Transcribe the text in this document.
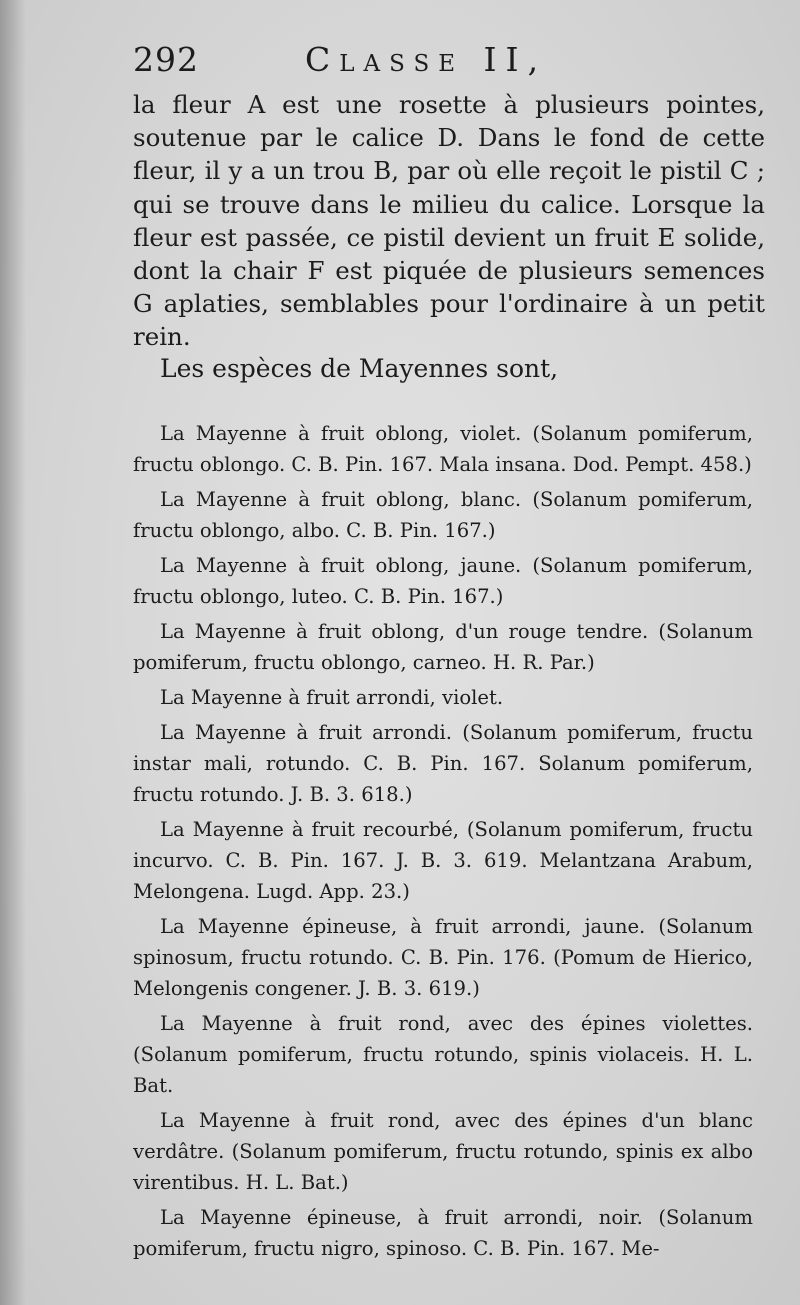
292	Classe II,

la fleur A est une rosette à plusieurs pointes, soutenue par le calice D. Dans le fond de cette fleur, il y a un trou B, par où elle reçoit le pistil C ; qui se trouve dans le milieu du calice. Lorsque la fleur est passée, ce pistil devient un fruit E solide, dont la chair F est piquée de plusieurs semences G aplaties, semblables pour l'ordinaire à un petit rein.

Les espèces de Mayennes sont,

La Mayenne à fruit oblong, violet. (Solanum pomiferum, fructu oblongo. C. B. Pin. 167. Mala insana. Dod. Pempt. 458.)
La Mayenne à fruit oblong, blanc. (Solanum pomiferum, fructu oblongo, albo. C. B. Pin. 167.)
La Mayenne à fruit oblong, jaune. (Solanum pomiferum, fructu oblongo, luteo. C. B. Pin. 167.)
La Mayenne à fruit oblong, d'un rouge tendre. (Solanum pomiferum, fructu oblongo, carneo. H. R. Par.)
La Mayenne à fruit arrondi, violet.
La Mayenne à fruit arrondi. (Solanum pomiferum, fructu instar mali, rotundo. C. B. Pin. 167. Solanum pomiferum, fructu rotundo. J. B. 3. 618.)
La Mayenne à fruit recourbé, (Solanum pomiferum, fructu incurvo. C. B. Pin. 167. J. B. 3. 619. Melantzana Arabum, Melongena. Lugd. App. 23.)
La Mayenne épineuse, à fruit arrondi, jaune. (Solanum spinosum, fructu rotundo. C. B. Pin. 176. (Pomum de Hierico, Melongenis congener. J. B. 3. 619.)
La Mayenne à fruit rond, avec des épines violettes. (Solanum pomiferum, fructu rotundo, spinis violaceis. H. L. Bat.
La Mayenne à fruit rond, avec des épines d'un blanc verdâtre. (Solanum pomiferum, fructu rotundo, spinis ex albo virentibus. H. L. Bat.)
La Mayenne épineuse, à fruit arrondi, noir. (Solanum pomiferum, fructu nigro, spinoso. C. B. Pin. 167. Me-
